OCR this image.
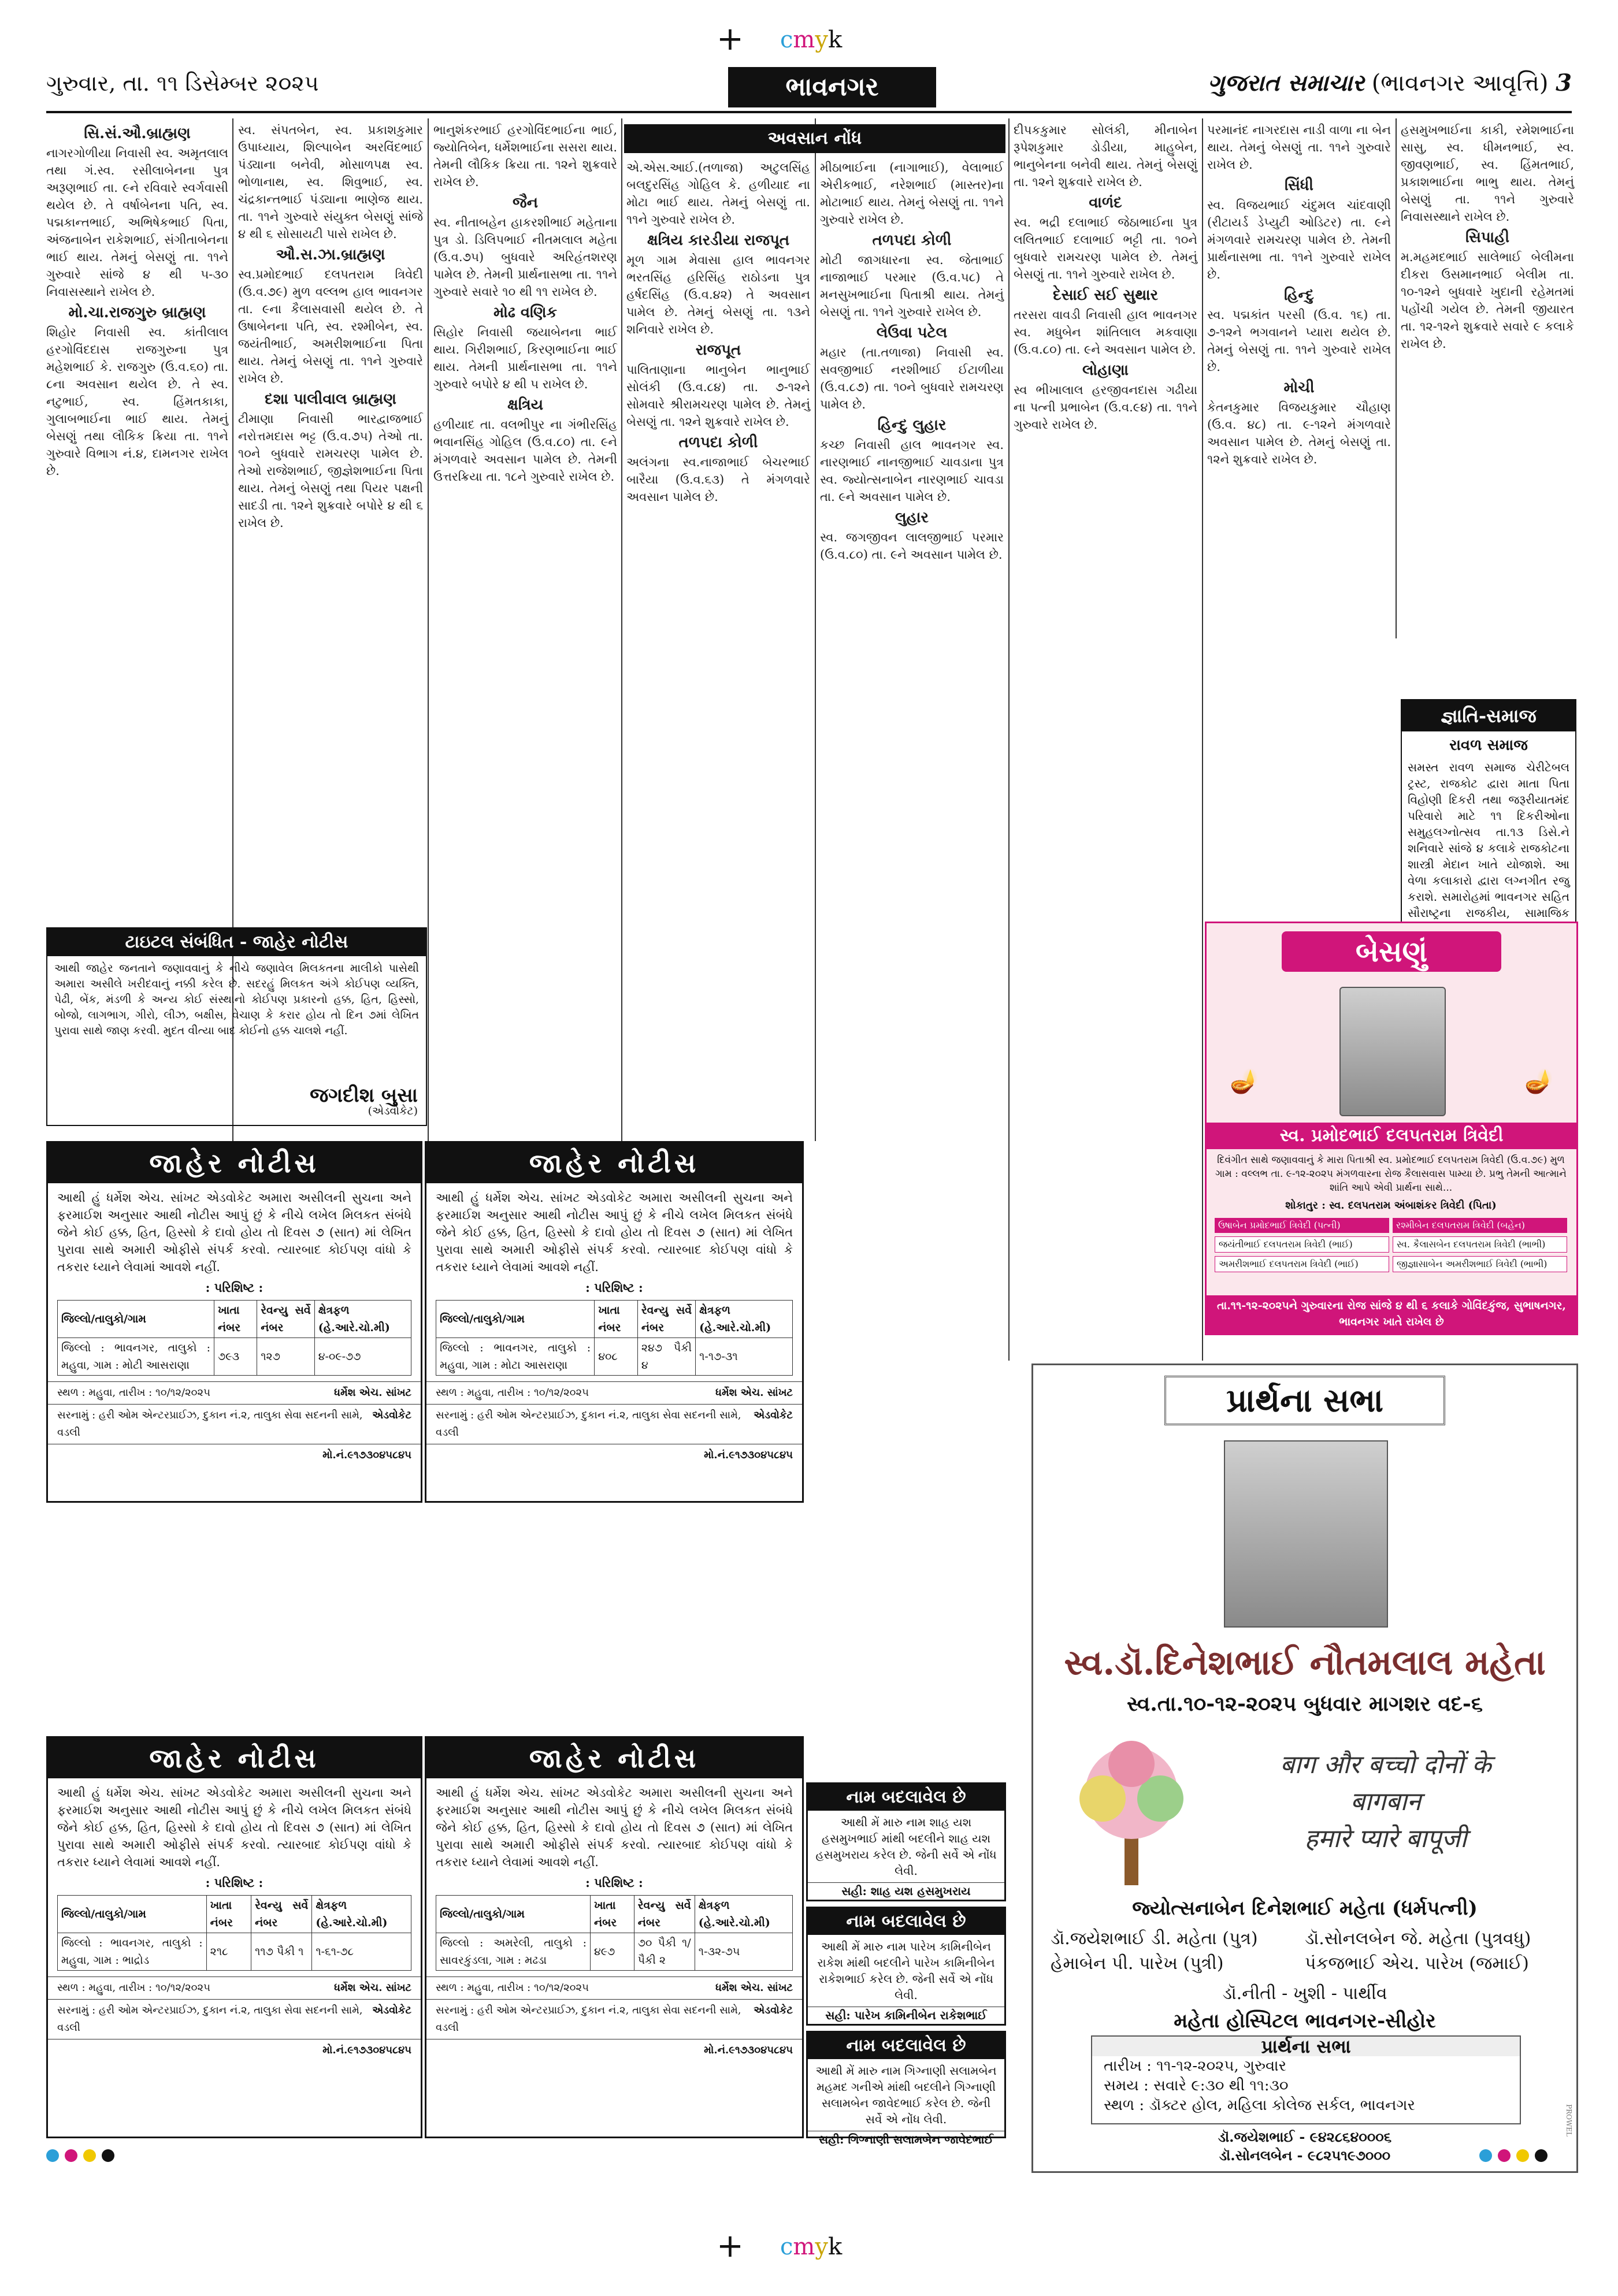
+ cmyk
ગુરુવાર, તા. ૧૧ ડિસેમ્બર ૨૦૨૫	ભાવનગર	ગુજરાત સમાચાર (ભાવનગર આવૃત્તિ) 3
અવસાન નોંધ
સિ.સં.ઔ.બ્રાહ્મણ

નાગરગોળીયા નિવાસી સ્વ. અમૃતલાલ તથા ગં.સ્વ. રસીલાબેનના પુત્ર અરૂણભાઈ તા. ૯ને રવિવારે સ્વર્ગવાસી થયેલ છે. તે વર્ષાબેનના પતિ, સ્વ. પદ્મકાન્તભાઈ, અભિષેકભાઈ પિતા, અંજનાબેન રાકેશભાઈ, સંગીતાબેનના ભાઈ થાય. તેમનું બેસણું તા. ૧૧ને ગુરુવારે સાંજે ૪ થી ૫-૩૦ નિવાસસ્થાને રાખેલ છે.

મો.ચા.રાજગુરુ બ્રાહ્મણ

શિહોર નિવાસી સ્વ. કાંતીલાલ હરગોવિંદદાસ રાજગુરુના પુત્ર મહેશભાઈ કે. રાજગુરુ (ઉ.વ.૬૦) તા. ૮ના અવસાન થયેલ છે. તે સ્વ. નટુભાઈ, સ્વ. હિંમતકાકા, ગુલાબભાઈના ભાઈ થાય. તેમનું બેસણું તથા લૌકિક ક્રિયા તા. ૧૧ને ગુરુવારે વિભાગ નં.૪, દામનગર રાખેલ છે.

સ્વ. સંપતબેન, સ્વ. પ્રકાશકુમાર ઉપાધ્યાય, શિલ્પાબેન અરવિંદભાઈ પંડ્યાના બનેવી, મોસાળપક્ષ સ્વ. ભોળાનાથ, સ્વ. શિવુભાઈ, સ્વ. ચંદ્રકાન્તભાઈ પંડ્યાના ભાણેજ થાય. તા. ૧૧ને ગુરુવારે સંયુક્ત બેસણું સાંજે ૪ થી ૬ સોસાયટી પાસે રાખેલ છે.

ઔ.સ.ઝા.બ્રાહ્મણ

સ્વ.પ્રમોદભાઈ દલપતરામ ત્રિવેદી (ઉ.વ.૭૯) મુળ વલ્લભ હાલ ભાવનગર તા. ૯ના કૈલાસવાસી થયેલ છે. તે ઉષાબેનના પતિ, સ્વ. રશ્મીબેન, સ્વ. જયંતીભાઈ, અમરીશભાઈના પિતા થાય. તેમનું બેસણું તા. ૧૧ને ગુરુવારે રાખેલ છે.

દશા પાલીવાલ બ્રાહ્મણ

ટીમાણા નિવાસી ભારદ્વાજભાઈ નરોત્તમદાસ ભટ્ટ (ઉ.વ.૭૫) તેઓ તા. ૧૦ને બુધવારે રામચરણ પામેલ છે. તેઓ રાજેશભાઈ, જીજ્ઞેશભાઈના પિતા થાય. તેમનું બેસણું તથા પિયર પક્ષની સાદડી તા. ૧૨ને શુક્રવારે બપોરે ૪ થી ૬ રાખેલ છે.

ભાનુશંકરભાઈ હરગોવિંદભાઈના ભાઈ, જ્યોતિબેન, ધર્મેશભાઈના સસરા થાય. તેમની લૌકિક ક્રિયા તા. ૧૨ને શુક્રવારે રાખેલ છે.

જૈન

સ્વ. નીતાબહેન હાકરશીભાઈ મહેતાના પુત્ર ડો. ડિલિપભાઈ નીતમલાલ મહેતા (ઉ.વ.૭૫) બુધવારે અરિહંતશરણ પામેલ છે. તેમની પ્રાર્થનાસભા તા. ૧૧ને ગુરુવારે સવારે ૧૦ થી ૧૧ રાખેલ છે.

મોઢ વણિક

સિહોર નિવાસી જયાબેનના ભાઈ થાય. ગિરીશભાઈ, કિરણભાઈના ભાઈ થાય. તેમની પ્રાર્થનાસભા તા. ૧૧ને ગુરુવારે બપોરે ૪ થી ૫ રાખેલ છે.

ક્ષત્રિય

હળીયાદ તા. વલભીપુર ના ગંભીરસિંહ ભવાનસિંહ ગોહિલ (ઉ.વ.૮૦) તા. ૯ને મંગળવારે અવસાન પામેલ છે. તેમની ઉત્તરક્રિયા તા. ૧૮ને ગુરુવારે રાખેલ છે.

એ.એસ.આઈ.(તળાજા) અટુલસિંહ બલદુરસિંહ ગોહિલ કે. હળીયાદ ના મોટા ભાઈ થાય. તેમનું બેસણું તા. ૧૧ને ગુરુવારે રાખેલ છે.

ક્ષત્રિય કારડીયા રાજપૂત

મૂળ ગામ મેવાસા હાલ ભાવનગર ભરતસિંહ હરિસિંહ રાઠોડના પુત્ર હર્ષદસિંહ (ઉ.વ.૪૨) તે અવસાન પામેલ છે. તેમનું બેસણું તા. ૧૩ને શનિવારે રાખેલ છે.

રાજપૂત

પાલિતાણાના ભાનુબેન ભાનુભાઈ સોલંકી (ઉ.વ.૮૪) તા. ૭-૧૨ને સોમવારે શ્રીરામચરણ પામેલ છે. તેમનું બેસણું તા. ૧૨ને શુક્રવારે રાખેલ છે.

તળપદા કોળી

અલંગના સ્વ.નાજાભાઈ બેચરભાઈ બારૈયા (ઉ.વ.૬૩) તે મંગળવારે અવસાન પામેલ છે.

મીઠાભાઈના (નાગાભાઈ), વેલાભાઈ એરીકભાઈ, નરેશભાઈ (માસ્તર)ના મોટાભાઈ થાય. તેમનું બેસણું તા. ૧૧ને ગુરુવારે રાખેલ છે.

તળપદા કોળી

મોટી જાગધારના સ્વ. જેતાભાઈ નાજાભાઈ પરમાર (ઉ.વ.૫૮) તે મનસુખભાઈના પિતાશ્રી થાય. તેમનું બેસણું તા. ૧૧ને ગુરુવારે રાખેલ છે.

લેઉવા પટેલ

મહાર (તા.તળાજા) નિવાસી સ્વ. સવજીભાઈ નરશીભાઈ ઈટાળીયા (ઉ.વ.૮૭) તા. ૧૦ને બુધવારે રામચરણ પામેલ છે.

હિન્દુ લુહાર

કચ્છ નિવાસી હાલ ભાવનગર સ્વ. નારણભાઈ નાનજીભાઈ ચાવડાના પુત્ર સ્વ. જ્યોત્સનાબેન નારણભાઈ ચાવડા તા. ૯ને અવસાન પામેલ છે.

લુહાર

સ્વ. જગજીવન લાલજીભાઈ પરમાર (ઉ.વ.૮૦) તા. ૯ને અવસાન પામેલ છે.

દીપકકુમાર સોલંકી, મીનાબેન રૂપેશકુમાર ડોડીયા, માહુબેન, ભાનુબેનના બનેવી થાય. તેમનું બેસણું તા. ૧૨ને શુક્રવારે રાખેલ છે.

વાળંદ

સ્વ. ભદ્રી દલાભાઈ જેઠાભાઈના પુત્ર લલિતભાઈ દલાભાઈ ભટ્ટી તા. ૧૦ને બુધવારે રામચરણ પામેલ છે. તેમનું બેસણું તા. ૧૧ને ગુરુવારે રાખેલ છે.

દેસાઈ સઈ સુથાર

તરસરા વાવડી નિવાસી હાલ ભાવનગર સ્વ. મધુબેન શાંતિલાલ મકવાણા (ઉ.વ.૮૦) તા. ૯ને અવસાન પામેલ છે.

લોહાણા

સ્વ ભીખાલાલ હરજીવનદાસ ગઢીયા ના પત્ની પ્રભાબેન (ઉ.વ.૯૪) તા. ૧૧ને ગુરુવારે રાખેલ છે.

પરમાનંદ નાગરદાસ નાડી વાળા ના બેન થાય. તેમનું બેસણું તા. ૧૧ને ગુરુવારે રાખેલ છે.

સિંધી

સ્વ. વિજયભાઈ ચંદુમલ ચાંદવાણી (રીટાયર્ડ ડેપ્યુટી ઓડિટર) તા. ૯ને મંગળવારે રામચરણ પામેલ છે. તેમની પ્રાર્થનાસભા તા. ૧૧ને ગુરુવારે રાખેલ છે.

હિન્દુ

સ્વ. પદ્મકાંત પરસી (ઉ.વ. ૧૬) તા. ૭-૧૨ને ભગવાનને પ્યારા થયેલ છે. તેમનું બેસણું તા. ૧૧ને ગુરુવારે રાખેલ છે.

મોચી

કેતનકુમાર વિજયકુમાર ચૌહાણ (ઉ.વ. ૪૮) તા. ૯-૧૨ને મંગળવારે અવસાન પામેલ છે. તેમનું બેસણું તા. ૧૨ને શુક્રવારે રાખેલ છે.

હસમુખભાઈના કાકી, રમેશભાઈના સાસુ, સ્વ. ધીમનભાઈ, સ્વ. જીવણભાઈ, સ્વ. હિંમતભાઈ, પ્રકાશભાઈના ભાભુ થાય. તેમનું બેસણું તા. ૧૧ને ગુરુવારે નિવાસસ્થાને રાખેલ છે.

સિપાહી

મ.મહમદભાઈ સાલેભાઈ બેલીમના દીકરા ઉસમાનભાઈ બેલીમ તા. ૧૦-૧૨ને બુધવારે ખુદાની રહેમતમાં પહોંચી ગયેલ છે. તેમની જીયારત તા. ૧૨-૧૨ને શુક્રવારે સવારે ૯ કલાકે રાખેલ છે.

જ્ઞાતિ-સમાજ
રાવળ સમાજ
સમસ્ત રાવળ સમાજ ચેરીટેબલ ટ્રસ્ટ, રાજકોટ દ્વારા માતા પિતા વિહોણી દિકરી તથા જરૂરીયાતમંદ પરિવારો માટે ૧૧ દિકરીઓના સમુહલગ્નોત્સવ તા.૧૩ ડિસે.ને શનિવારે સાંજે ૪ કલાકે રાજકોટના શાસ્ત્રી મેદાન ખાતે યોજાશે. આ વેળા કલાકારો દ્વારા લગ્નગીત રજુ કરાશે. સમારોહમાં ભાવનગર સહિત સૌરાષ્ટ્રના રાજકીય, સામાજિક
ટાઇટલ સંબંધિત - જાહેર નોટીસ
આથી જાહેર જનતાને જણાવવાનું કે નીચે જણાવેલ મિલકતના માલીકો પાસેથી અમારા અસીલે ખરીદવાનું નક્કી કરેલ છે. સદરહું મિલકત અંગે કોઈપણ વ્યક્તિ, પેઢી, બેંક, મંડળી કે અન્ય કોઈ સંસ્થાનો કોઈપણ પ્રકારનો હક્ક, હિત, હિસ્સો, બોજો, લાગભાગ, ગીરો, લીઝ, બક્ષીસ, વેચાણ કે કરાર હોય તો દિન ૭માં લેખિત પુરાવા સાથે જાણ કરવી. મુદત વીત્યા બાદ કોઈનો હક્ક ચાલશે નહીં.
જગદીશ બુસા
(એડવોકેટ)
જાહેર નોટીસ
આથી હું ધર્મેશ એચ. સાંખટ એડવોકેટ અમારા અસીલની સુચના અને ફરમાઈશ અનુસાર આથી નોટીસ આપું છું કે નીચે લખેલ મિલકત સંબંધે જેને કોઈ હક્ક, હિત, હિસ્સો કે દાવો હોય તો દિવસ ૭ (સાત) માં લેખિત પુરાવા સાથે અમારી ઓફીસે સંપર્ક કરવો. ત્યારબાદ કોઈપણ વાંધો કે તકરાર ધ્યાને લેવામાં આવશે નહીં.
: પરિશિષ્ટ :
જિલ્લો/તાલુકો/ગામ	ખાતા નંબર	રેવન્યુ સર્વે નંબર	ક્ષેત્રફળ (હે.આરે.ચો.મી)
જિલ્લો : ભાવનગર, તાલુકો : મહુવા, ગામ : મોટી આસરાણા	૭૯૩	૧૨૭	૪-૦૯-૭૭
સ્થળ : મહુવા, તારીખ : ૧૦/૧૨/૨૦૨૫	ધર્મેશ એચ. સાંખટ
સરનામું : હરી ઓમ એન્ટરપ્રાઈઝ, દુકાન નં.૨, તાલુકા સેવા સદનની સામે, વડલી
એડવોકેટ
મો.નં.૯૧૭૩૦૪૫૮૪૫
જાહેર નોટીસ
આથી હું ધર્મેશ એચ. સાંખટ એડવોકેટ અમારા અસીલની સુચના અને ફરમાઈશ અનુસાર આથી નોટીસ આપું છું કે નીચે લખેલ મિલકત સંબંધે જેને કોઈ હક્ક, હિત, હિસ્સો કે દાવો હોય તો દિવસ ૭ (સાત) માં લેખિત પુરાવા સાથે અમારી ઓફીસે સંપર્ક કરવો. ત્યારબાદ કોઈપણ વાંધો કે તકરાર ધ્યાને લેવામાં આવશે નહીં.
: પરિશિષ્ટ :
જિલ્લો/તાલુકો/ગામ	ખાતા નંબર	રેવન્યુ સર્વે નંબર	ક્ષેત્રફળ (હે.આરે.ચો.મી)
જિલ્લો : ભાવનગર, તાલુકો : મહુવા, ગામ : મોટા આસરાણા	૪૦૮	૨૪૭ પૈકી ૪	૧-૧૭-૩૧
સ્થળ : મહુવા, તારીખ : ૧૦/૧૨/૨૦૨૫	ધર્મેશ એચ. સાંખટ
સરનામું : હરી ઓમ એન્ટરપ્રાઈઝ, દુકાન નં.૨, તાલુકા સેવા સદનની સામે, વડલી
એડવોકેટ
મો.નં.૯૧૭૩૦૪૫૮૪૫
જાહેર નોટીસ
આથી હું ધર્મેશ એચ. સાંખટ એડવોકેટ અમારા અસીલની સુચના અને ફરમાઈશ અનુસાર આથી નોટીસ આપું છું કે નીચે લખેલ મિલકત સંબંધે જેને કોઈ હક્ક, હિત, હિસ્સો કે દાવો હોય તો દિવસ ૭ (સાત) માં લેખિત પુરાવા સાથે અમારી ઓફીસે સંપર્ક કરવો. ત્યારબાદ કોઈપણ વાંધો કે તકરાર ધ્યાને લેવામાં આવશે નહીં.
: પરિશિષ્ટ :
જિલ્લો/તાલુકો/ગામ	ખાતા નંબર	રેવન્યુ સર્વે નંબર	ક્ષેત્રફળ (હે.આરે.ચો.મી)
જિલ્લો : ભાવનગર, તાલુકો : મહુવા, ગામ : ભાદ્રોડ	૨૧૮	૧૧૭ પૈકી ૧	૧-૬૧-૭૮
સ્થળ : મહુવા, તારીખ : ૧૦/૧૨/૨૦૨૫	ધર્મેશ એચ. સાંખટ
સરનામું : હરી ઓમ એન્ટરપ્રાઈઝ, દુકાન નં.૨, તાલુકા સેવા સદનની સામે, વડલી
એડવોકેટ
મો.નં.૯૧૭૩૦૪૫૮૪૫
જાહેર નોટીસ
આથી હું ધર્મેશ એચ. સાંખટ એડવોકેટ અમારા અસીલની સુચના અને ફરમાઈશ અનુસાર આથી નોટીસ આપું છું કે નીચે લખેલ મિલકત સંબંધે જેને કોઈ હક્ક, હિત, હિસ્સો કે દાવો હોય તો દિવસ ૭ (સાત) માં લેખિત પુરાવા સાથે અમારી ઓફીસે સંપર્ક કરવો. ત્યારબાદ કોઈપણ વાંધો કે તકરાર ધ્યાને લેવામાં આવશે નહીં.
: પરિશિષ્ટ :
જિલ્લો/તાલુકો/ગામ	ખાતા નંબર	રેવન્યુ સર્વે નંબર	ક્ષેત્રફળ (હે.આરે.ચો.મી)
જિલ્લો : અમરેલી, તાલુકો : સાવરકુંડલા, ગામ : મઢડા	૪૯૭	૭૦ પૈકી ૧/પૈકી ૨	૧-૩૨-૭૫
સ્થળ : મહુવા, તારીખ : ૧૦/૧૨/૨૦૨૫	ધર્મેશ એચ. સાંખટ
સરનામું : હરી ઓમ એન્ટરપ્રાઈઝ, દુકાન નં.૨, તાલુકા સેવા સદનની સામે, વડલી
એડવોકેટ
મો.નં.૯૧૭૩૦૪૫૮૪૫
નામ બદલાવેલ છે
આથી મેં મારુ નામ શાહ યશ હસમુખભાઈ માંથી બદલીને શાહ યશ હસમુખરાય કરેલ છે. જેની સર્વે એ નોંધ લેવી.
સહી: શાહ યશ હસમુખરાય
નામ બદલાવેલ છે
આથી મેં મારુ નામ પારેખ કામિનીબેન રાકેશ માંથી બદલીને પારેખ કામિનીબેન રાકેશભાઈ કરેલ છે. જેની સર્વે એ નોંધ લેવી.
સહી: પારેખ કામિનીબેન રાકેશભાઈ
નામ બદલાવેલ છે
આથી મેં મારુ નામ ગિગ્નાણી સલામબેન મહમદ ગનીએ માંથી બદલીને ગિગ્નાણી સલામબેન જાવેદભાઈ કરેલ છે. જેની સર્વે એ નોંધ લેવી.
સહી: ગિગ્નાણી સલામબેન જાવેદભાઈ
બેસણું
🪔	🪔
સ્વ. પ્રમોદભાઈ દલપતરામ ત્રિવેદી
દિવંગીત સાથે જણાવવાનું કે મારા પિતાશ્રી સ્વ. પ્રમોદભાઈ દલપતરામ ત્રિવેદી (ઉ.વ.૭૯) મુળ ગામ : વલ્લભ તા. ૯-૧૨-૨૦૨૫ મંગળવારના રોજ કૈલાસવાસ પામ્યા છે. પ્રભુ તેમની આત્માને શાંતિ આપે એવી પ્રાર્થના સાથે...
શોકાતુર : સ્વ. દલપતરામ અંબાશંકર ત્રિવેદી (પિતા)
ઉષાબેન પ્રમોદભાઈ ત્રિવેદી (પત્ની)	રશ્મીબેન દલપતરામ ત્રિવેદી (બહેન)
જયંતીભાઈ દલપતરામ ત્રિવેદી (ભાઈ)	સ્વ. કૈલાસબેન દલપતરામ ત્રિવેદી (ભાભી)
અમરીશભાઈ દલપતરામ ત્રિવેદી (ભાઈ)	જીજ્ઞાસાબેન અમરીશભાઈ ત્રિવેદી (ભાભી)
તા.૧૧-૧૨-૨૦૨૫ને ગુરુવારના રોજ સાંજે ૪ થી ૬ કલાકે ગોવિંદકુંજ, સુભાષનગર, ભાવનગર ખાતે રાખેલ છે
પ્રાર્થના સભા
સ્વ.ડૉ.દિનેશભાઈ નૌતમલાલ મહેતા
સ્વ.તા.૧૦-૧૨-૨૦૨૫ બુધવાર માગશર વદ-૬
बाग और बच्चो दोनों के
बागबान
हमारे प्यारे बापूजी
જ્યોત્સનાબેન દિનેશભાઈ મહેતા (ધર્મપત્ની)
ડૉ.જયેશભાઈ ડી. મહેતા (પુત્ર)	ડૉ.સોનલબેન જે. મહેતા (પુત્રવધુ)
હેમાબેન પી. પારેખ (પુત્રી)	પંકજભાઈ એચ. પારેખ (જમાઈ)
ડૉ.નીતી - ખુશી - પાર્થીવ
મહેતા હોસ્પિટલ ભાવનગર-સીહોર
પ્રાર્થના સભા
તારીખ : ૧૧-૧૨-૨૦૨૫, ગુરુવાર
સમય : સવારે ૯:૩૦ થી ૧૧:૩૦
સ્થળ : ડૉક્ટર હોલ, મહિલા કોલેજ સર્કલ, ભાવનગર
ડૉ.જયેશભાઈ - ૯૪૨૮૬૪૦૦૦૬
ડૉ.સોનલબેન - ૯૮૨૫૧૯૭૦૦૦
PROWEL
+ cmyk
